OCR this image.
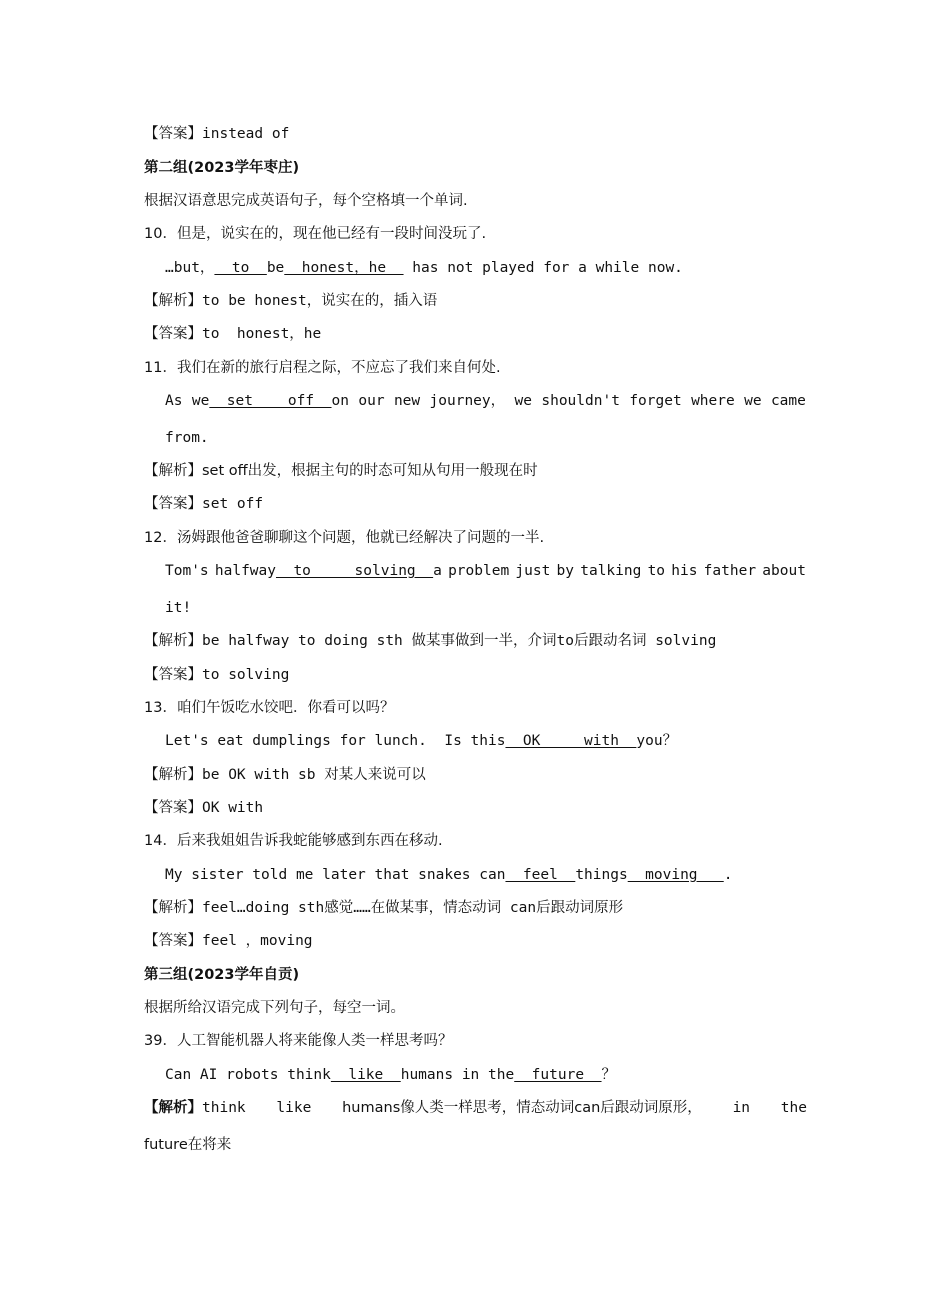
【答案】instead of
第二组(2023学年枣庄)
根据汉语意思完成英语句子，每个空格填一个单词.
10．但是，说实在的，现在他已经有一段时间没玩了.
…but，  to  be  honest，he   has not played for a while now.
【解析】to be honest，说实在的，插入语
【答案】to  honest，he
11．我们在新的旅行启程之际，不应忘了我们来自何处.
As we  set    off  on our new journey， we shouldn't forget where we came
from.
【解析】set off出发，根据主句的时态可知从句用一般现在时
【答案】set off
12．汤姆跟他爸爸聊聊这个问题，他就已经解决了问题的一半.
Tom's halfway  to     solving  a problem just by talking to his father about
it!
【解析】be halfway to doing sth 做某事做到一半，介词to后跟动名词 solving
【答案】to solving
13．咱们午饭吃水饺吧．你看可以吗？
Let's eat dumplings for lunch.  Is this  OK     with  you？
【解析】be OK with sb 对某人来说可以
【答案】OK with
14．后来我姐姐告诉我蛇能够感到东西在移动.
My sister told me later that snakes can  feel  things  moving   .
【解析】feel…doing sth感觉……在做某事，情态动词 can后跟动词原形
【答案】feel ，moving
第三组(2023学年自贡)
根据所给汉语完成下列句子，每空一词。
39．人工智能机器人将来能像人类一样思考吗？
Can AI robots think  like  humans in the  future  ？
【解析】think like humans像人类一样思考，情态动词can后跟动词原形， in the
future在将来
